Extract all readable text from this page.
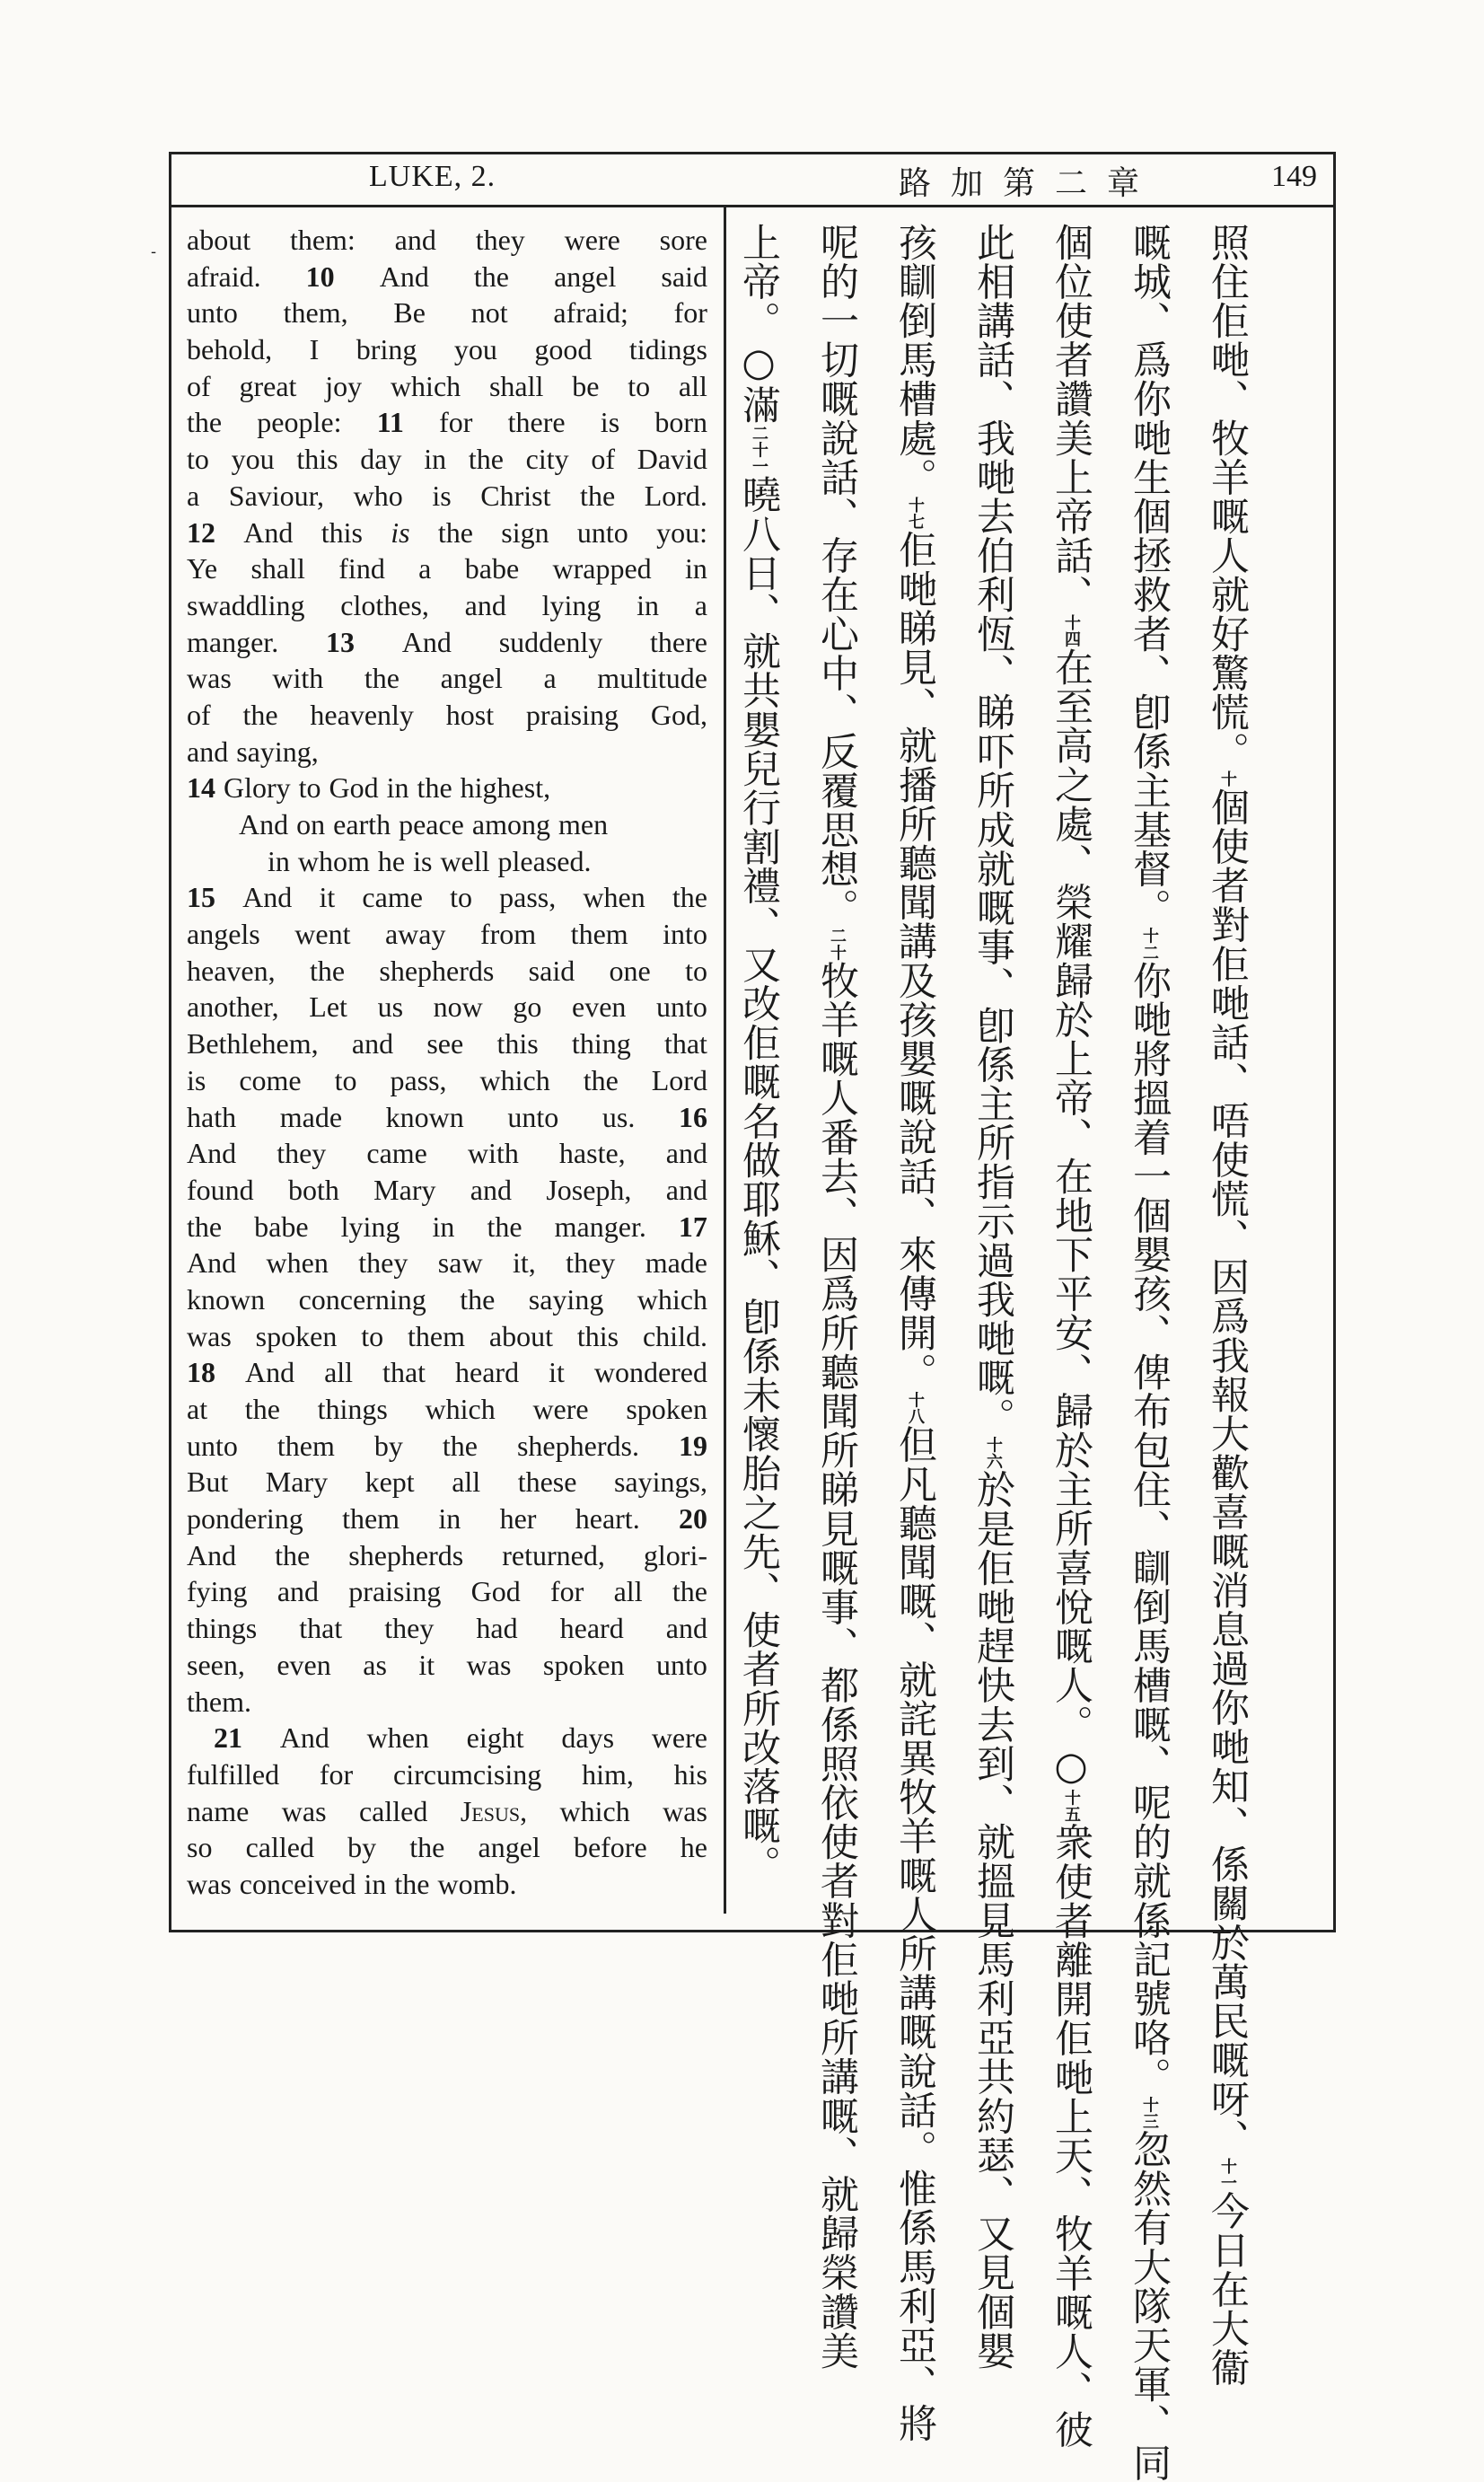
LUKE, 2.	路加第二章	149
- about them: and they were sore
afraid. 10 And the angel said
unto them, Be not afraid; for
behold, I bring you good tidings
of great joy which shall be to all
the people: 11 for there is born
to you this day in the city of David
a Saviour, who is Christ the Lord.
12 And this is the sign unto you:
Ye shall find a babe wrapped in
swaddling clothes, and lying in a
manger. 13 And suddenly there
was with the angel a multitude
of the heavenly host praising God,
and saying,
14 Glory to God in the highest,
And on earth peace among men
in whom he is well pleased.
15 And it came to pass, when the
angels went away from them into
heaven, the shepherds said one to
another, Let us now go even unto
Bethlehem, and see this thing that
is come to pass, which the Lord
hath made known unto us. 16
And they came with haste, and
found both Mary and Joseph, and
the babe lying in the manger. 17
And when they saw it, they made
known concerning the saying which
was spoken to them about this child.
18 And all that heard it wondered
at the things which were spoken
unto them by the shepherds. 19
But Mary kept all these sayings,
pondering them in her heart. 20
And the shepherds returned, glori-
fying and praising God for all the
things that they had heard and
seen, even as it was spoken unto
them.
21 And when eight days were
fulfilled for circumcising him, his
name was called Jesus, which was
so called by the angel before he
was conceived in the womb.
照住佢哋、牧羊嘅人就好驚慌。$^十$個使者對佢哋話、唔使慌、因爲我報大歡喜嘅消息過你哋知、係關於萬民嘅呀、$^{十一}$今日在大衞
嘅城、爲你哋生個拯救者、卽係主基督。$^{十二}$你哋將搵着一個嬰孩、俾布包住、瞓倒馬槽嘅、呢的就係記號咯。$^{十三}$忽然有大隊天軍、同
個位使者讚美上帝話、$^{十四}$在至高之處、榮耀歸於上帝、在地下平安、歸於主所喜悅嘅人。○$^{十五}$衆使者離開佢哋上天、牧羊嘅人、彼
此相講話、我哋去伯利恆、睇吓所成就嘅事、卽係主所指示過我哋嘅。$^{十六}$於是佢哋趕快去到、就搵見馬利亞共約瑟、又見個嬰
孩瞓倒馬槽處。$^{十七}$佢哋睇見、就播所聽聞講及孩嬰嘅說話、來傳開。$^{十八}$但凡聽聞嘅、就詫異牧羊嘅人所講嘅說話。惟係馬利亞、將
呢的一切嘅說話、存在心中、反覆思想。$^{二十}$牧羊嘅人番去、因爲所聽聞所睇見嘅事、都係照依使者對佢哋所講嘅、就歸榮讚美
上帝。○滿$^{二十一}$曉八日、就共嬰兒行割禮、又改佢嘅名做耶穌、卽係未懷胎之先、使者所改落嘅。
